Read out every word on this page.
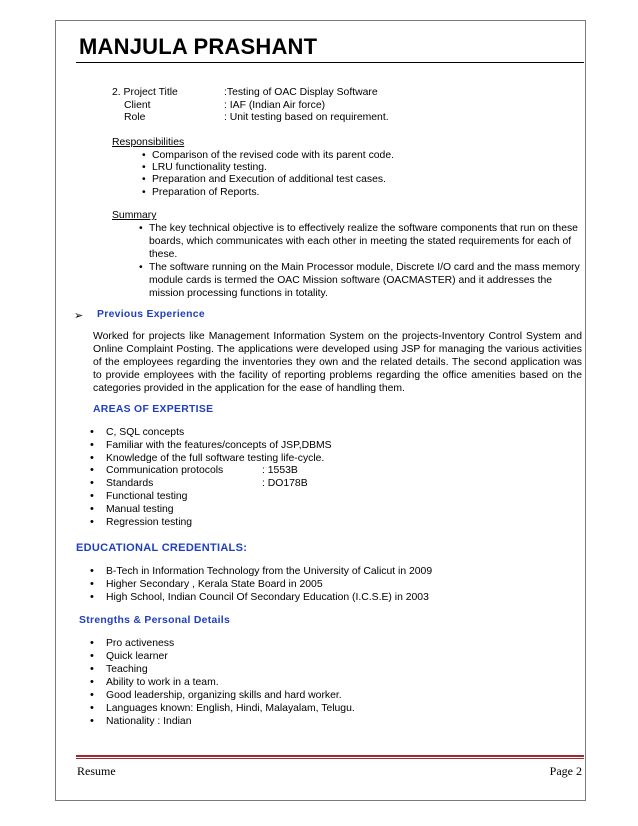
MANJULA PRASHANT
2. Project Title	:Testing of OAC Display Software
Client	: IAF (Indian Air force)
Role	: Unit testing based on requirement.
Responsibilities
• Comparison of the revised code with its parent code.
• LRU functionality testing.
• Preparation and Execution of additional test cases.
• Preparation of Reports.
Summary
• The key technical objective is to effectively realize the software components that run on these boards, which communicates with each other in meeting the stated requirements for each of these.
• The software running on the Main Processor module, Discrete I/O card and the mass memory module cards is termed the OAC Mission software (OACMASTER) and it addresses the mission processing functions in totality.
➢ Previous Experience
Worked for projects like Management Information System on the projects-Inventory Control System and Online Complaint Posting. The applications were developed using JSP for managing the various activities of the employees regarding the inventories they own and the related details. The second application was to provide employees with the facility of reporting problems regarding the office amenities based on the categories provided in the application for the ease of handling them.
AREAS OF EXPERTISE
• C, SQL concepts
• Familiar with the features/concepts of JSP,DBMS
• Knowledge of the full software testing life-cycle.
• Communication protocols	: 1553B
• Standards	: DO178B
• Functional testing
• Manual testing
• Regression testing
EDUCATIONAL CREDENTIALS:
• B-Tech in Information Technology from the University of Calicut in 2009
• Higher Secondary , Kerala State Board in 2005
• High School, Indian Council Of Secondary Education (I.C.S.E) in 2003
Strengths & Personal Details
• Pro activeness
• Quick learner
• Teaching
• Ability to work in a team.
• Good leadership, organizing skills and hard worker.
• Languages known: English, Hindi, Malayalam, Telugu.
• Nationality : Indian
Resume	Page 2
